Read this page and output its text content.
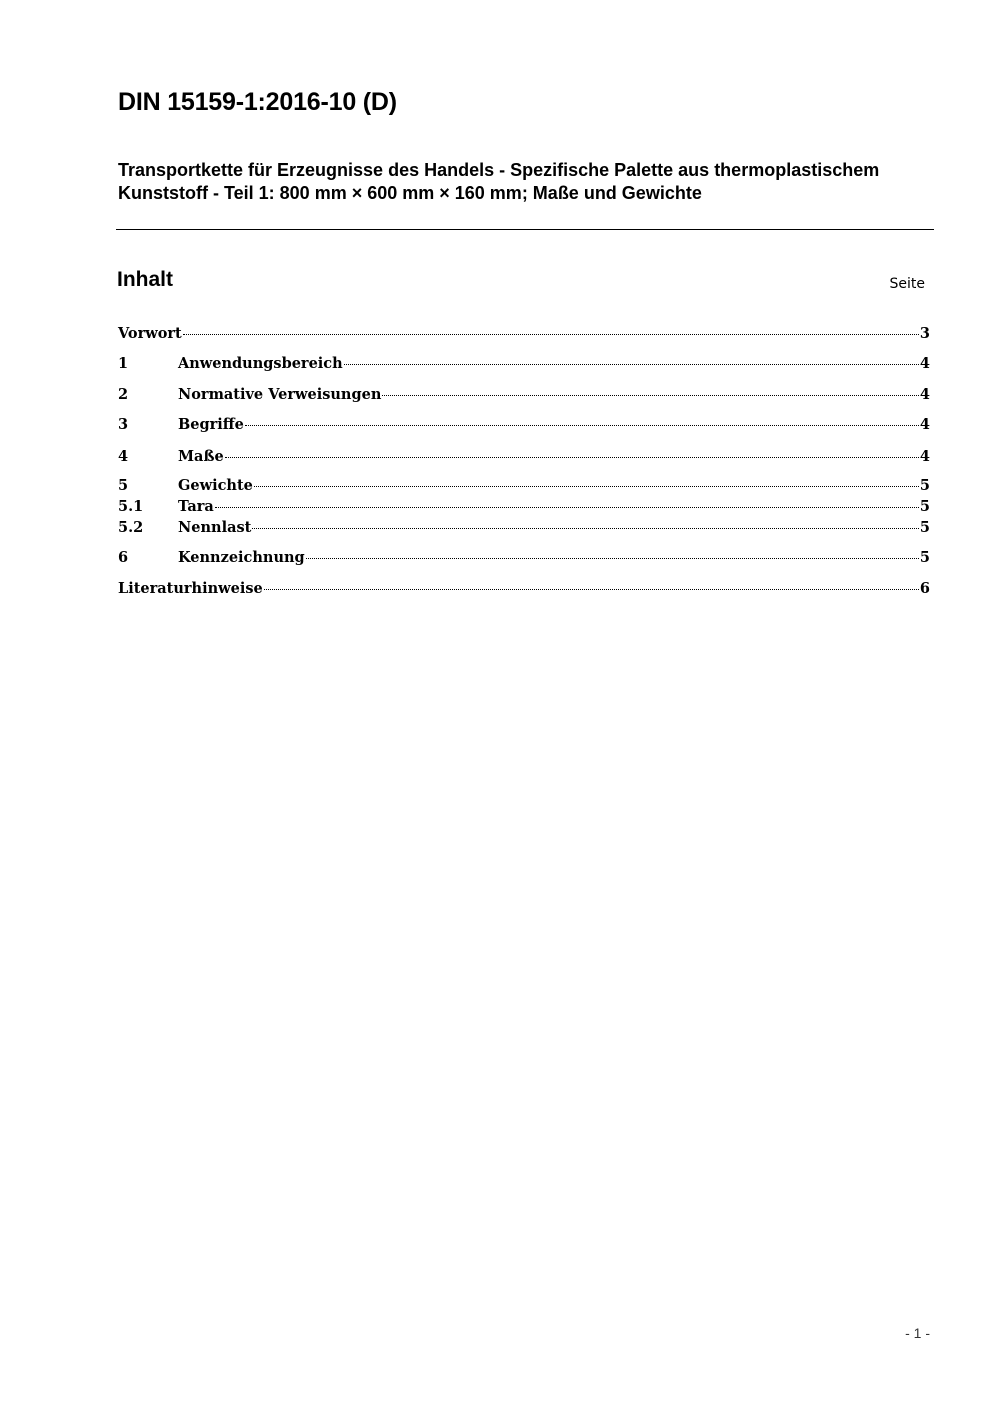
DIN 15159-1:2016-10 (D)
Transportkette für Erzeugnisse des Handels - Spezifische Palette aus thermoplastischem Kunststoff - Teil 1: 800 mm × 600 mm × 160 mm; Maße und Gewichte
Inhalt	Seite
Vorwort	3
1	Anwendungsbereich	4
2	Normative Verweisungen	4
3	Begriffe	4
4	Maße	4
5	Gewichte	5
5.1	Tara	5
5.2	Nennlast	5
6	Kennzeichnung	5
Literaturhinweise	6
- 1 -
